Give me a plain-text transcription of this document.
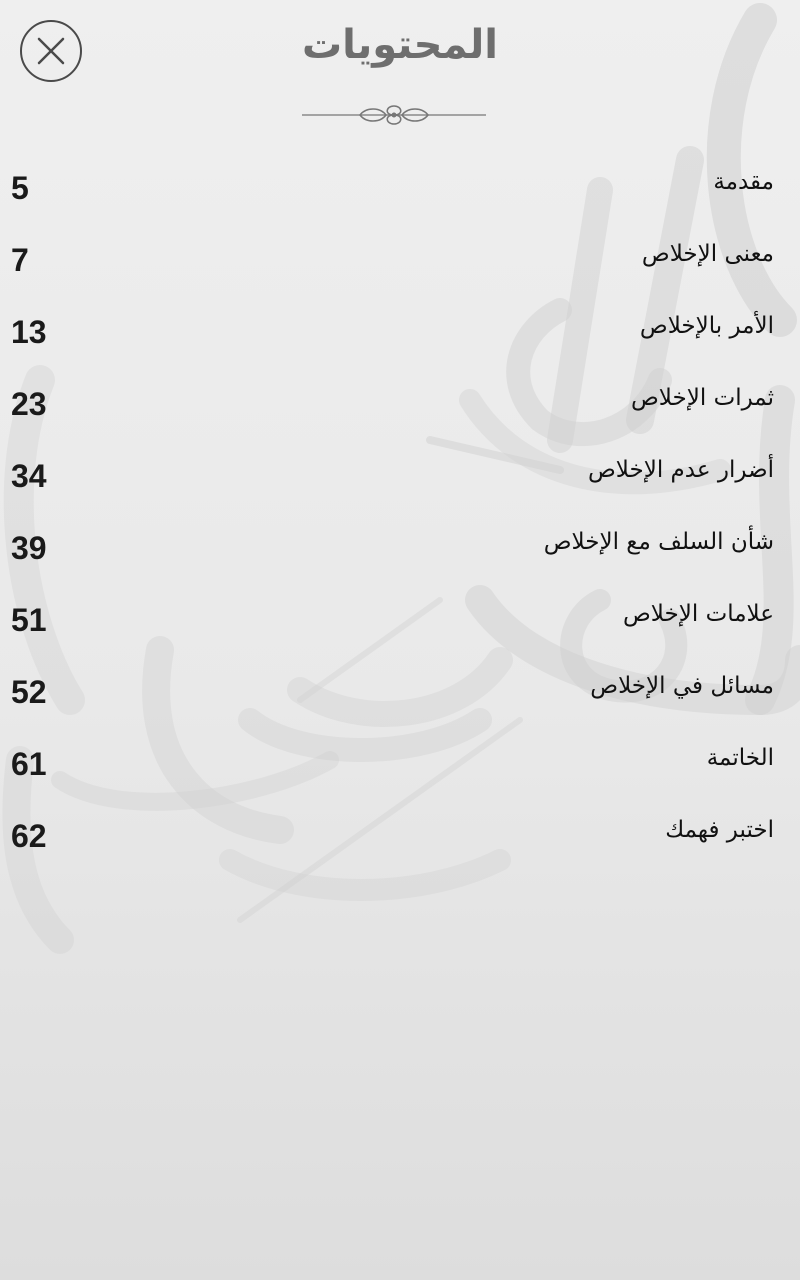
المحتويات
مقدمة
5
معنى الإخلاص
7
الأمر بالإخلاص
13
ثمرات الإخلاص
23
أضرار عدم الإخلاص
34
شأن السلف مع الإخلاص
39
علامات الإخلاص
51
مسائل في الإخلاص
52
الخاتمة
61
اختبر فهمك
62
